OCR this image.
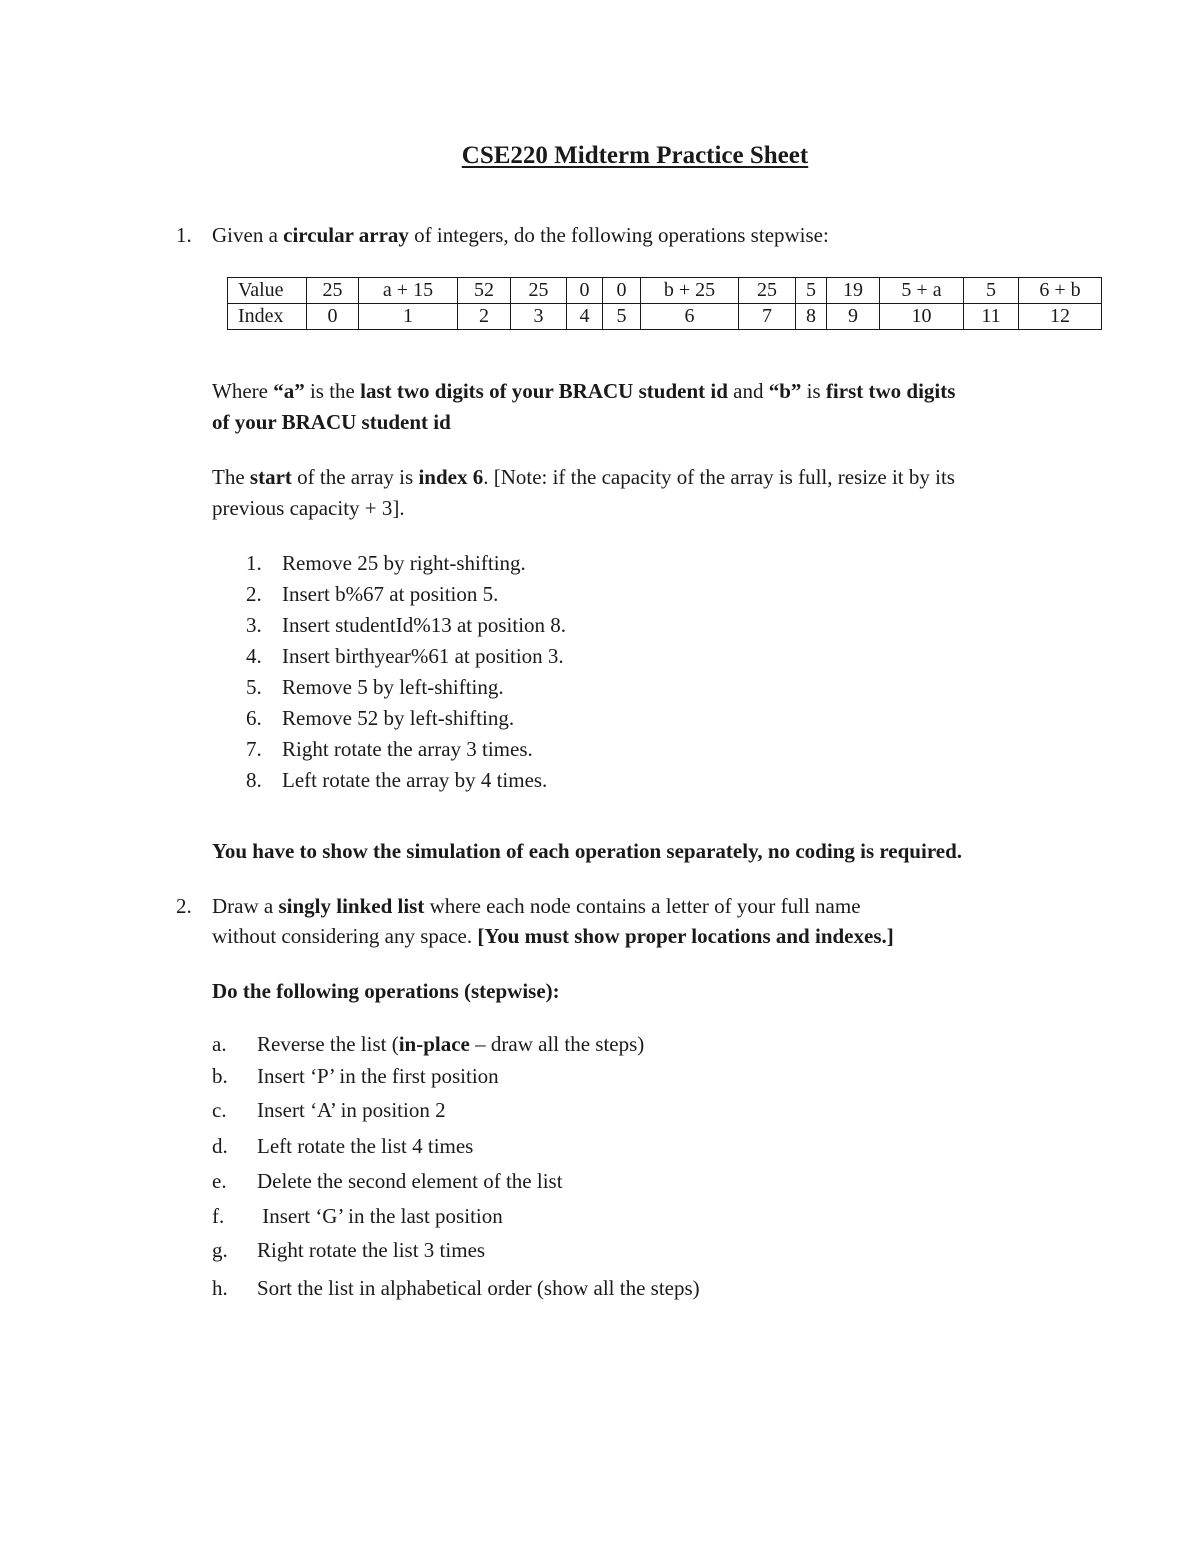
CSE220 Midterm Practice Sheet
1. Given a circular array of integers, do the following operations stepwise:
Value	25	a + 15	52	25	0	0	b + 25	25	5	19	5 + a	5	6 + b
Index	0	1	2	3	4	5	6	7	8	9	10	11	12
Where “a” is the last two digits of your BRACU student id and “b” is first two digits
of your BRACU student id
The start of the array is index 6. [Note: if the capacity of the array is full, resize it by its
previous capacity + 3].
1. Remove 25 by right-shifting.
2. Insert b%67 at position 5.
3. Insert studentId%13 at position 8.
4. Insert birthyear%61 at position 3.
5. Remove 5 by left-shifting.
6. Remove 52 by left-shifting.
7. Right rotate the array 3 times.
8. Left rotate the array by 4 times.
You have to show the simulation of each operation separately, no coding is required.
2. Draw a singly linked list where each node contains a letter of your full name
without considering any space. [You must show proper locations and indexes.]
Do the following operations (stepwise):
a.	Reverse the list (in-place – draw all the steps)
b.	Insert ‘P’ in the first position
c.	Insert ‘A’ in position 2
d.	Left rotate the list 4 times
e.	Delete the second element of the list
f.	Insert ‘G’ in the last position
g.	Right rotate the list 3 times
h.	Sort the list in alphabetical order (show all the steps)
